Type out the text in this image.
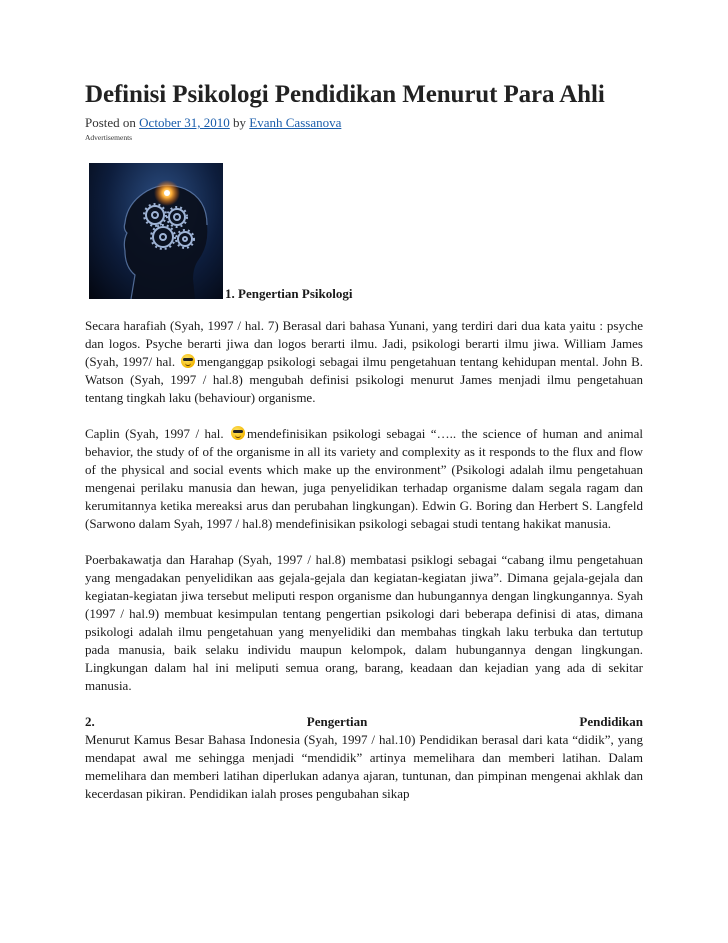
Definisi Psikologi Pendidikan Menurut Para Ahli
Posted on October 31, 2010 by Evanh Cassanova
Advertisements
1. Pengertian Psikologi

Secara harafiah (Syah, 1997 / hal. 7) Berasal dari bahasa Yunani, yang terdiri dari dua kata yaitu : psyche dan logos. Psyche berarti jiwa dan logos berarti ilmu. Jadi, psikologi berarti ilmu jiwa. William James (Syah, 1997/ hal. menganggap psikologi sebagai ilmu pengetahuan tentang kehidupan mental. John B. Watson (Syah, 1997 / hal.8) mengubah definisi psikologi menurut James menjadi ilmu pengetahuan tentang tingkah laku (behaviour) organisme.

Caplin (Syah, 1997 / hal. mendefinisikan psikologi sebagai “….. the science of human and animal behavior, the study of of the organisme in all its variety and complexity as it responds to the flux and flow of the physical and social events which make up the environment” (Psikologi adalah ilmu pengetahuan mengenai perilaku manusia dan hewan, juga penyelidikan terhadap organisme dalam segala ragam dan kerumitannya ketika mereaksi arus dan perubahan lingkungan). Edwin G. Boring dan Herbert S. Langfeld (Sarwono dalam Syah, 1997 / hal.8) mendefinisikan psikologi sebagai studi tentang hakikat manusia.

Poerbakawatja dan Harahap (Syah, 1997 / hal.8) membatasi psiklogi sebagai “cabang ilmu pengetahuan yang mengadakan penyelidikan aas gejala-gejala dan kegiatan-kegiatan jiwa”. Dimana gejala-gejala dan kegiatan-kegiatan jiwa tersebut meliputi respon organisme dan hubungannya dengan lingkungannya. Syah (1997 / hal.9) membuat kesimpulan tentang pengertian psikologi dari beberapa definisi di atas, dimana psikologi adalah ilmu pengetahuan yang menyelidiki dan membahas tingkah laku terbuka dan tertutup pada manusia, baik selaku individu maupun kelompok, dalam hubungannya dengan lingkungan. Lingkungan dalam hal ini meliputi semua orang, barang, keadaan dan kejadian yang ada di sekitar manusia.

2.	Pengertian	Pendidikan

Menurut Kamus Besar Bahasa Indonesia (Syah, 1997 / hal.10) Pendidikan berasal dari kata “didik”, yang mendapat awal me sehingga menjadi “mendidik” artinya memelihara dan memberi latihan. Dalam memelihara dan memberi latihan diperlukan adanya ajaran, tuntunan, dan pimpinan mengenai akhlak dan kecerdasan pikiran. Pendidikan ialah proses pengubahan sikap
